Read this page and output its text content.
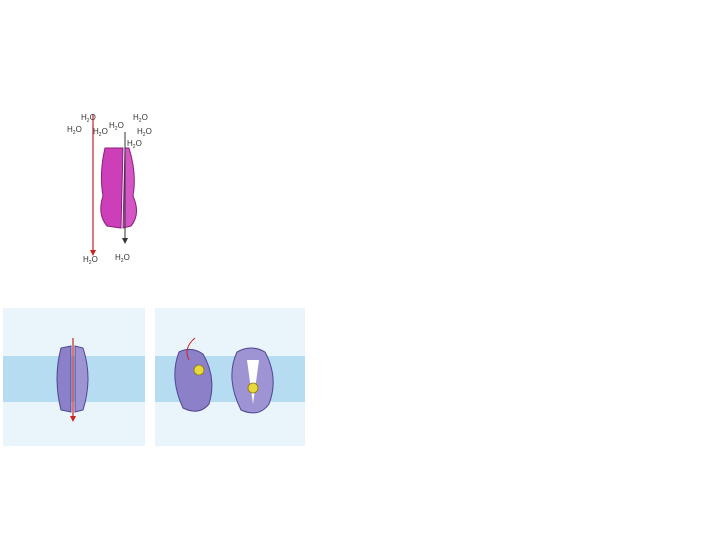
$H_2O$
$H_2O$ $H_2O$
$H_2O$
$H_2O$
$H_2O$
$H_2O$
$H_2O$ $H_2O$
